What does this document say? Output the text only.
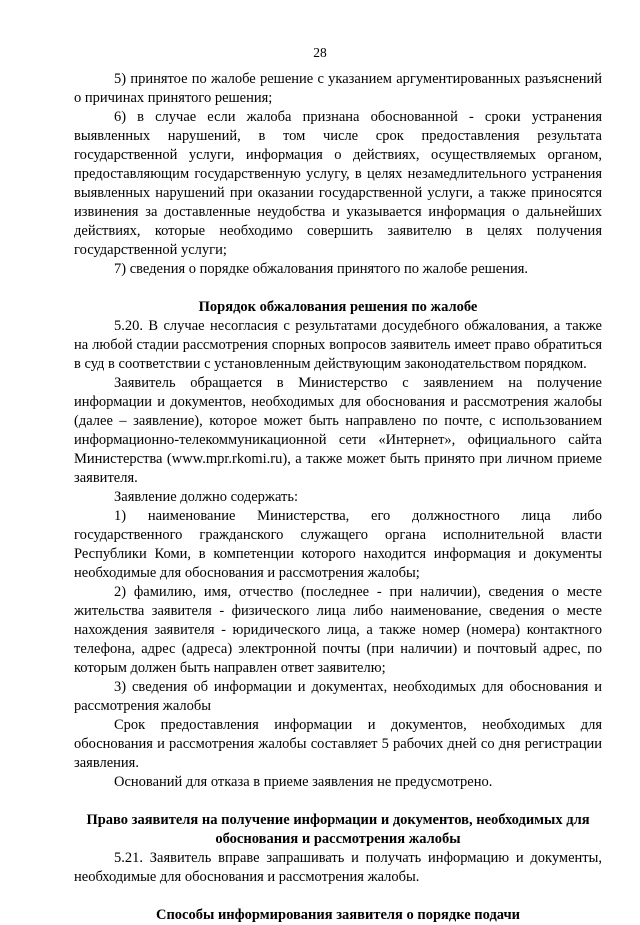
28

5) принятое по жалобе решение с указанием аргументированных разъяснений о причинах принятого решения;

6) в случае если жалоба признана обоснованной - сроки устранения выявленных нарушений, в том числе срок предоставления результата государственной услуги, информация о действиях, осуществляемых органом, предоставляющим государственную услугу, в целях незамедлительного устранения выявленных нарушений при оказании государственной услуги, а также приносятся извинения за доставленные неудобства и указывается информация о дальнейших действиях, которые необходимо совершить заявителю в целях получения государственной услуги;

7) сведения о порядке обжалования принятого по жалобе решения.

Порядок обжалования решения по жалобе

5.20. В случае несогласия с результатами досудебного обжалования, а также на любой стадии рассмотрения спорных вопросов заявитель имеет право обратиться в суд в соответствии с установленным действующим законодательством порядком.

Заявитель обращается в Министерство с заявлением на получение информации и документов, необходимых для обоснования и рассмотрения жалобы (далее – заявление), которое может быть направлено по почте, с использованием информационно-телекоммуникационной сети «Интернет», официального сайта Министерства (www.mpr.rkomi.ru), а также может быть принято при личном приеме заявителя.

Заявление должно содержать:

1) наименование Министерства, его должностного лица либо государственного гражданского служащего органа исполнительной власти Республики Коми, в компетенции которого находится информация и документы необходимые для обоснования и рассмотрения жалобы;

2) фамилию, имя, отчество (последнее - при наличии), сведения о месте жительства заявителя - физического лица либо наименование, сведения о месте нахождения заявителя - юридического лица, а также номер (номера) контактного телефона, адрес (адреса) электронной почты (при наличии) и почтовый адрес, по которым должен быть направлен ответ заявителю;

3) сведения об информации и документах, необходимых для обоснования и рассмотрения жалобы

Срок предоставления информации и документов, необходимых для обоснования и рассмотрения жалобы составляет 5 рабочих дней со дня регистрации заявления.

Оснований для отказа в приеме заявления не предусмотрено.

Право заявителя на получение информации и документов, необходимых для
обоснования и рассмотрения жалобы

5.21. Заявитель вправе запрашивать и получать информацию и документы, необходимые для обоснования и рассмотрения жалобы.

Способы информирования заявителя о порядке подачи
